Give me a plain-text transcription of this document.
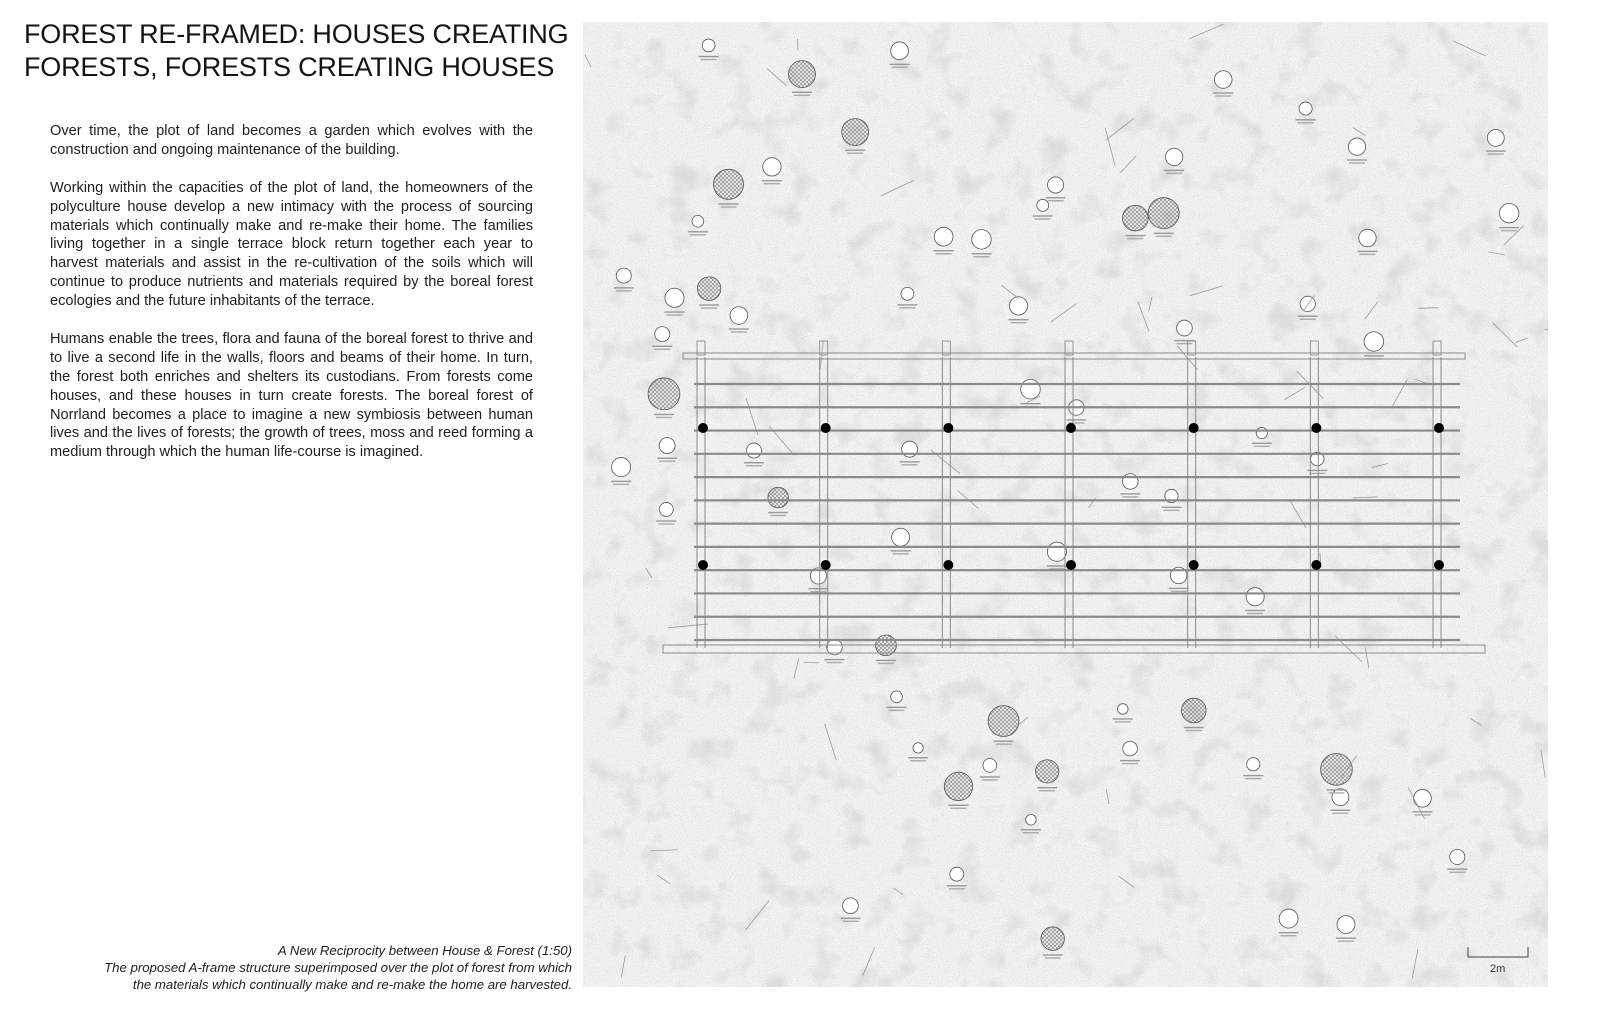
FOREST RE-FRAMED: HOUSES CREATING
FORESTS, FORESTS CREATING HOUSES

Over time, the plot of land becomes a garden which evolves with the construction and ongoing maintenance of the building.

Working within the capacities of the plot of land, the homeowners of the polyculture house develop a new intimacy with the process of sourcing materials which continually make and re-make their home. The families living together in a single terrace block return together each year to harvest materials and assist in the re-cultivation of the soils which will continue to produce nutrients and materials required by the boreal forest ecologies and the future inhabitants of the terrace.

Humans enable the trees, flora and fauna of the boreal forest to thrive and to live a second life in the walls, floors and beams of their home. In turn, the forest both enriches and shelters its custodians. From forests come houses, and these houses in turn create forests. The boreal forest of Norrland becomes a place to imagine a new symbiosis between human lives and the lives of forests; the growth of trees, moss and reed forming a medium through which the human life-course is imagined.

A New Reciprocity between House & Forest (1:50)
The proposed A-frame structure superimposed over the plot of forest from which
the materials which continually make and re-make the home are harvested.
2m
